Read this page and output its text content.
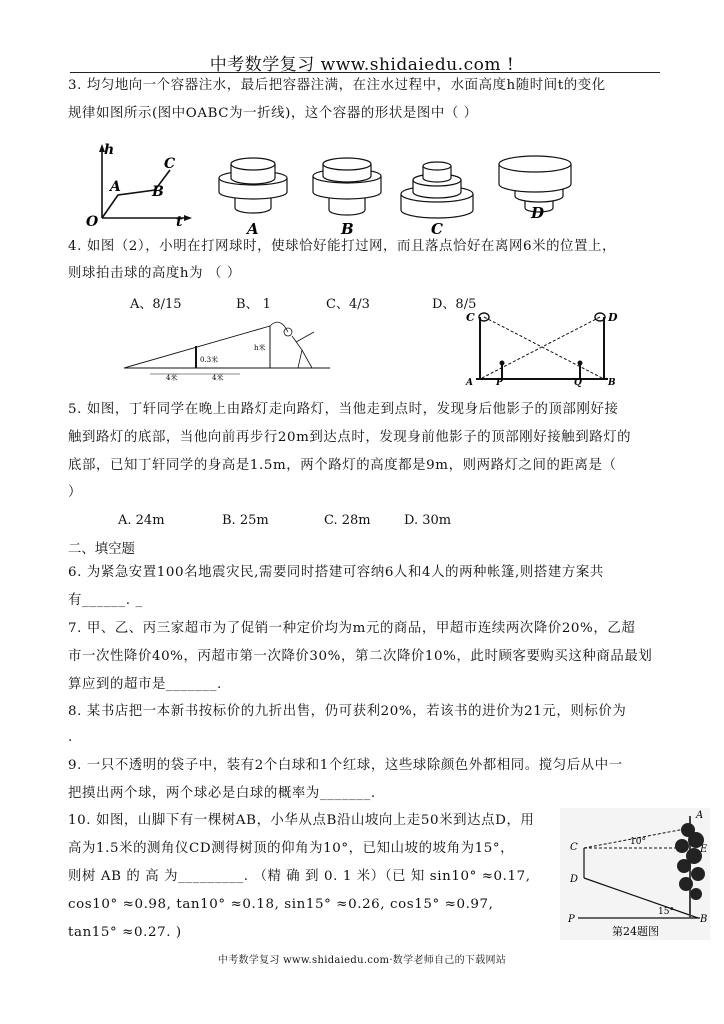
中考数学复习 www.shidaiedu.com !
3. 均匀地向一个容器注水，最后把容器注满，在注水过程中，水面高度h随时间t的变化
规律如图所示(图中OABC为一折线)，这个容器的形状是图中（ ）
h
t
O
A B
C
A	B	C
D
4. 如图（2），小明在打网球时，使球恰好能打过网，而且落点恰好在离网6米的位置上，
则球拍击球的高度h为 （ ）
A、8/15	B、 1	C、4/3	D、8/5
0.3米
h米
4米	4米
C	D
A	P	Q	B
5. 如图，丁轩同学在晚上由路灯走向路灯，当他走到点时，发现身后他影子的顶部刚好接
触到路灯的底部，当他向前再步行20m到达点时，发现身前他影子的顶部刚好接触到路灯的
底部，已知丁轩同学的身高是1.5m，两个路灯的高度都是9m，则两路灯之间的距离是（
）
A. 24m	B. 25m	C. 28m	D. 30m
二、填空题
6. 为紧急安置100名地震灾民,需要同时搭建可容纳6人和4人的两种帐篷,则搭建方案共
有______. _
7. 甲、乙、丙三家超市为了促销一种定价均为m元的商品，甲超市连续两次降价20%，乙超
市一次性降价40%，丙超市第一次降价30%，第二次降价10%，此时顾客要购买这种商品最划
算应到的超市是_______.
8. 某书店把一本新书按标价的九折出售，仍可获利20%，若该书的进价为21元，则标价为
.
9. 一只不透明的袋子中，装有2个白球和1个红球，这些球除颜色外都相同。搅匀后从中一
把摸出两个球，两个球必是白球的概率为_______.
10. 如图，山脚下有一棵树AB，小华从点B沿山坡向上走50米到达点D，用
高为1.5米的测角仪CD测得树顶的仰角为10°，已知山坡的坡角为15°，
则树 AB 的 高 为_________. （精 确 到 0. 1 米）（已 知 sin10° ≈0.17,
cos10° ≈0.98, tan10° ≈0.18, sin15° ≈0.26, cos15° ≈0.97,
tan15° ≈0.27. )
A
C
D
P	B
E
10°
15°
第24题图
中考数学复习 www.shidaiedu.com·数学老师自己的下载网站
